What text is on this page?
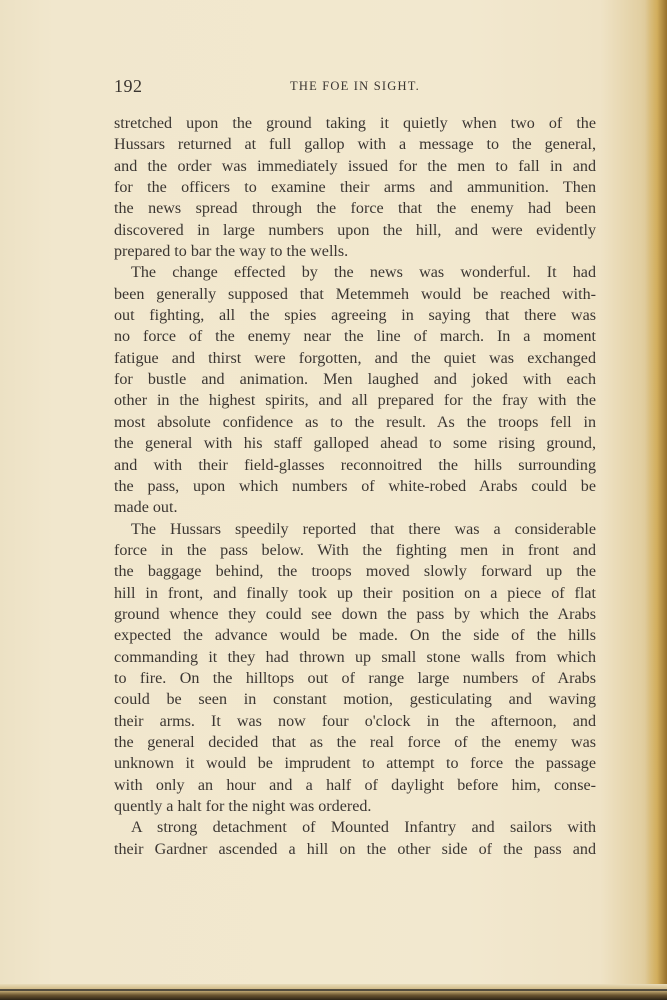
192	THE FOE IN SIGHT.
stretched upon the ground taking it quietly when two of the
Hussars returned at full gallop with a message to the general,
and the order was immediately issued for the men to fall in and
for the officers to examine their arms and ammunition. Then
the news spread through the force that the enemy had been
discovered in large numbers upon the hill, and were evidently
prepared to bar the way to the wells.
The change effected by the news was wonderful. It had
been generally supposed that Metemmeh would be reached with-
out fighting, all the spies agreeing in saying that there was
no force of the enemy near the line of march. In a moment
fatigue and thirst were forgotten, and the quiet was exchanged
for bustle and animation. Men laughed and joked with each
other in the highest spirits, and all prepared for the fray with the
most absolute confidence as to the result. As the troops fell in
the general with his staff galloped ahead to some rising ground,
and with their field-glasses reconnoitred the hills surrounding
the pass, upon which numbers of white-robed Arabs could be
made out.
The Hussars speedily reported that there was a considerable
force in the pass below. With the fighting men in front and
the baggage behind, the troops moved slowly forward up the
hill in front, and finally took up their position on a piece of flat
ground whence they could see down the pass by which the Arabs
expected the advance would be made. On the side of the hills
commanding it they had thrown up small stone walls from which
to fire. On the hilltops out of range large numbers of Arabs
could be seen in constant motion, gesticulating and waving
their arms. It was now four o'clock in the afternoon, and
the general decided that as the real force of the enemy was
unknown it would be imprudent to attempt to force the passage
with only an hour and a half of daylight before him, conse-
quently a halt for the night was ordered.
A strong detachment of Mounted Infantry and sailors with
their Gardner ascended a hill on the other side of the pass and
